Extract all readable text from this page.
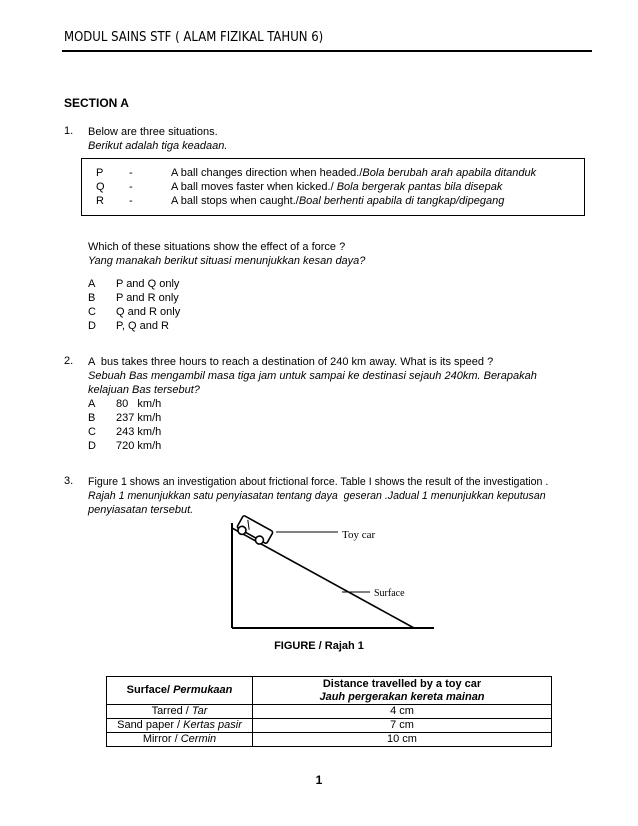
MODUL SAINS STF ( ALAM FIZIKAL TAHUN 6)
SECTION A
1. Below are three situations.
Berikut adalah tiga keadaan.
P -	A ball changes direction when headed./Bola berubah arah apabila ditanduk
Q -	A ball moves faster when kicked./ Bola bergerak pantas bila disepak
R -	A ball stops when caught./Boal berhenti apabila di tangkap/dipegang
Which of these situations show the effect of a force ?
Yang manakah berikut situasi menunjukkan kesan daya?
A P and Q only
B P and R only
C Q and R only
D P, Q and R
2. A  bus takes three hours to reach a destination of 240 km away. What is its speed ?
Sebuah Bas mengambil masa tiga jam untuk sampai ke destinasi sejauh 240km. Berapakah
kelajuan Bas tersebut?
A 80   km/h
B 237 km/h
C 243 km/h
D 720 km/h
3. Figure 1 shows an investigation about frictional force. Table I shows the result of the investigation .
Rajah 1 menunjukkan satu penyiasatan tentang daya  geseran .Jadual 1 menunjukkan keputusan
penyiasatan tersebut.
Toy car
Surface
FIGURE / Rajah 1
Surface/ Permukaan	Distance travelled by a toy car
Jauh pergerakan kereta mainan
Tarred / Tar	4 cm
Sand paper / Kertas pasir	7 cm
Mirror / Cermin	10 cm
1
